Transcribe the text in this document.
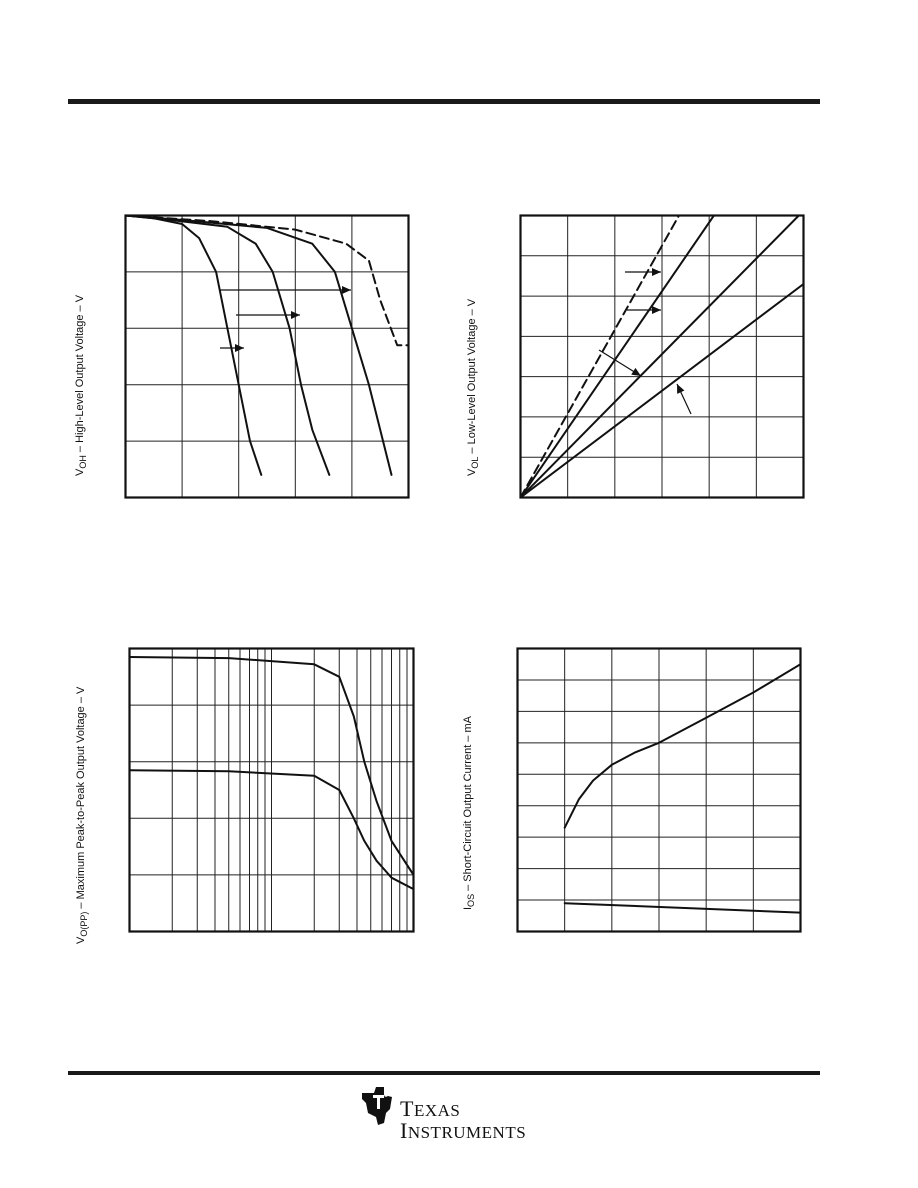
$V_{OH}$ – High-Level Output Voltage – V
$V_{OL}$ – Low-Level Output Voltage – V
$V_{O(PP)}$ – Maximum Peak-to-Peak Output Voltage – V	$I_{OS}$ – Short-Circuit Output Current – mA
TEXAS
INSTRUMENTS
